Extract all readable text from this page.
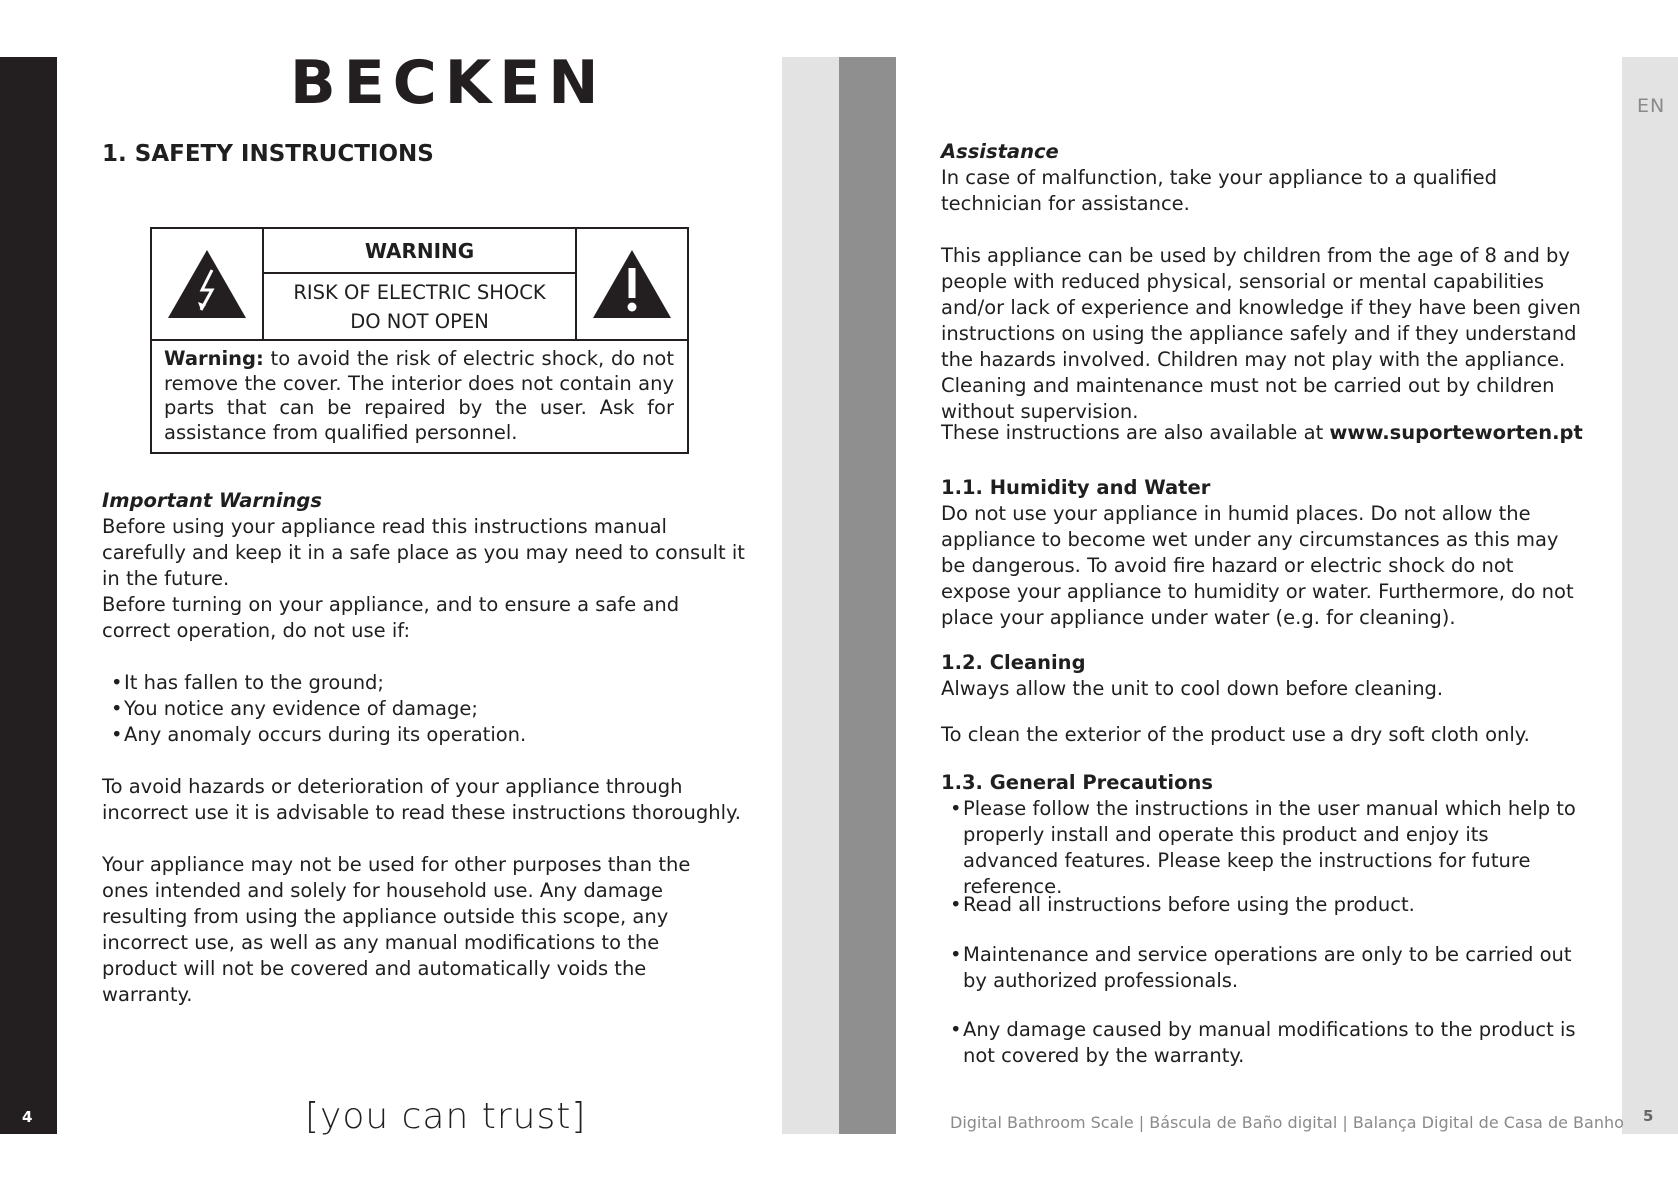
4	5
EN
BECKEN
1. SAFETY INSTRUCTIONS
WARNING
RISK OF ELECTRIC SHOCK
DO NOT OPEN
Warning: to avoid the risk of electric shock, do not remove the cover. The interior does not contain any parts that can be repaired by the user. Ask for assistance from qualified personnel.
Important Warnings
Before using your appliance read this instructions manual carefully and keep it in a safe place as you may need to consult it in the future.
Before turning on your appliance, and to ensure a safe and correct operation, do not use if:
• It has fallen to the ground;
• You notice any evidence of damage;
• Any anomaly occurs during its operation.
To avoid hazards or deterioration of your appliance through incorrect use it is advisable to read these instructions thoroughly.
Your appliance may not be used for other purposes than the ones intended and solely for household use. Any damage resulting from using the appliance outside this scope, any incorrect use, as well as any manual modifications to the product will not be covered and automatically voids the warranty.
[you can trust]
Assistance
In case of malfunction, take your appliance to a qualified technician for assistance.
This appliance can be used by children from the age of 8 and by people with reduced physical, sensorial or mental capabilities and/or lack of experience and knowledge if they have been given instructions on using the appliance safely and if they understand the hazards involved. Children may not play with the appliance. Cleaning and maintenance must not be carried out by children without supervision.
These instructions are also available at www.suporteworten.pt
1.1. Humidity and Water
Do not use your appliance in humid places. Do not allow the appliance to become wet under any circumstances as this may be dangerous. To avoid fire hazard or electric shock do not expose your appliance to humidity or water. Furthermore, do not place your appliance under water (e.g. for cleaning).
1.2. Cleaning
Always allow the unit to cool down before cleaning.
To clean the exterior of the product use a dry soft cloth only.
1.3. General Precautions
• Please follow the instructions in the user manual which help to properly install and operate this product and enjoy its advanced features. Please keep the instructions for future reference.
• Read all instructions before using the product.
• Maintenance and service operations are only to be carried out by authorized professionals.
• Any damage caused by manual modifications to the product is not covered by the warranty.
Digital Bathroom Scale | Báscula de Baño digital | Balança Digital de Casa de Banho
